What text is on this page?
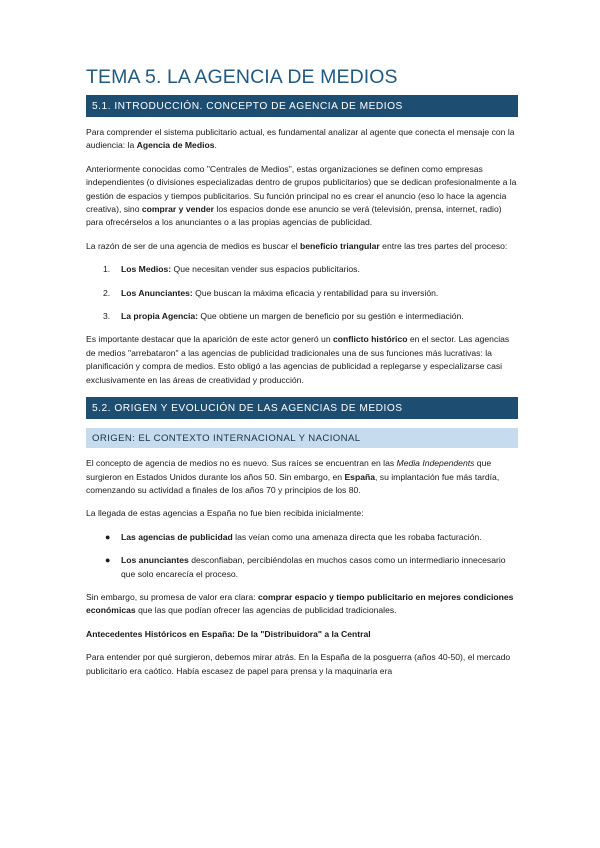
TEMA 5. LA AGENCIA DE MEDIOS
5.1. INTRODUCCIÓN. CONCEPTO DE AGENCIA DE MEDIOS

Para comprender el sistema publicitario actual, es fundamental analizar al agente que conecta el mensaje con la audiencia: la Agencia de Medios.

Anteriormente conocidas como "Centrales de Medios", estas organizaciones se definen como empresas independientes (o divisiones especializadas dentro de grupos publicitarios) que se dedican profesionalmente a la gestión de espacios y tiempos publicitarios. Su función principal no es crear el anuncio (eso lo hace la agencia creativa), sino comprar y vender los espacios donde ese anuncio se verá (televisión, prensa, internet, radio) para ofrecérselos a los anunciantes o a las propias agencias de publicidad.

La razón de ser de una agencia de medios es buscar el beneficio triangular entre las tres partes del proceso:

1. Los Medios: Que necesitan vender sus espacios publicitarios.
2. Los Anunciantes: Que buscan la máxima eficacia y rentabilidad para su inversión.
3. La propia Agencia: Que obtiene un margen de beneficio por su gestión e intermediación.

Es importante destacar que la aparición de este actor generó un conflicto histórico en el sector. Las agencias de medios "arrebataron" a las agencias de publicidad tradicionales una de sus funciones más lucrativas: la planificación y compra de medios. Esto obligó a las agencias de publicidad a replegarse y especializarse casi exclusivamente en las áreas de creatividad y producción.

5.2. ORIGEN Y EVOLUCIÓN DE LAS AGENCIAS DE MEDIOS
ORIGEN: EL CONTEXTO INTERNACIONAL Y NACIONAL

El concepto de agencia de medios no es nuevo. Sus raíces se encuentran en las Media Independents que surgieron en Estados Unidos durante los años 50. Sin embargo, en España, su implantación fue más tardía, comenzando su actividad a finales de los años 70 y principios de los 80.

La llegada de estas agencias a España no fue bien recibida inicialmente:

● Las agencias de publicidad las veían como una amenaza directa que les robaba facturación.
● Los anunciantes desconfiaban, percibiéndolas en muchos casos como un intermediario innecesario que solo encarecía el proceso.

Sin embargo, su promesa de valor era clara: comprar espacio y tiempo publicitario en mejores condiciones económicas que las que podían ofrecer las agencias de publicidad tradicionales.

Antecedentes Históricos en España: De la "Distribuidora" a la Central

Para entender por qué surgieron, debemos mirar atrás. En la España de la posguerra (años 40-50), el mercado publicitario era caótico. Había escasez de papel para prensa y la maquinaria era
